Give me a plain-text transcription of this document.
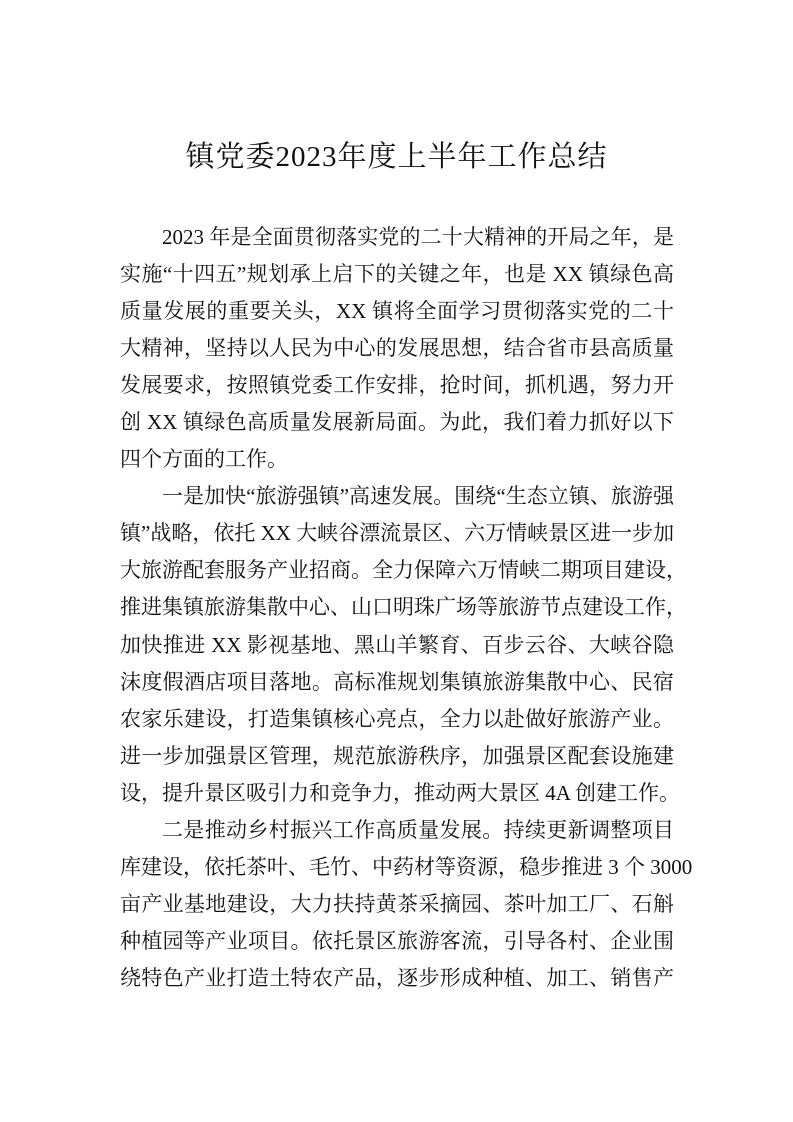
镇党委2023年度上半年工作总结
2023 年是全面贯彻落实党的二十大精神的开局之年，是
实施“十四五”规划承上启下的关键之年，也是 XX 镇绿色高
质量发展的重要关头，XX 镇将全面学习贯彻落实党的二十
大精神，坚持以人民为中心的发展思想，结合省市县高质量
发展要求，按照镇党委工作安排，抢时间，抓机遇，努力开
创 XX 镇绿色高质量发展新局面。为此，我们着力抓好以下
四个方面的工作。
一是加快“旅游强镇”高速发展。围绕“生态立镇、旅游强
镇”战略，依托 XX 大峡谷漂流景区、六万情峡景区进一步加
大旅游配套服务产业招商。全力保障六万情峡二期项目建设，
推进集镇旅游集散中心、山口明珠广场等旅游节点建设工作，
加快推进 XX 影视基地、黑山羊繁育、百步云谷、大峡谷隐
沫度假酒店项目落地。高标准规划集镇旅游集散中心、民宿
农家乐建设，打造集镇核心亮点，全力以赴做好旅游产业。
进一步加强景区管理，规范旅游秩序，加强景区配套设施建
设，提升景区吸引力和竞争力，推动两大景区 4A 创建工作。
二是推动乡村振兴工作高质量发展。持续更新调整项目
库建设，依托茶叶、毛竹、中药材等资源，稳步推进 3 个 3000
亩产业基地建设，大力扶持黄茶采摘园、茶叶加工厂、石斛
种植园等产业项目。依托景区旅游客流，引导各村、企业围
绕特色产业打造土特农产品，逐步形成种植、加工、销售产
